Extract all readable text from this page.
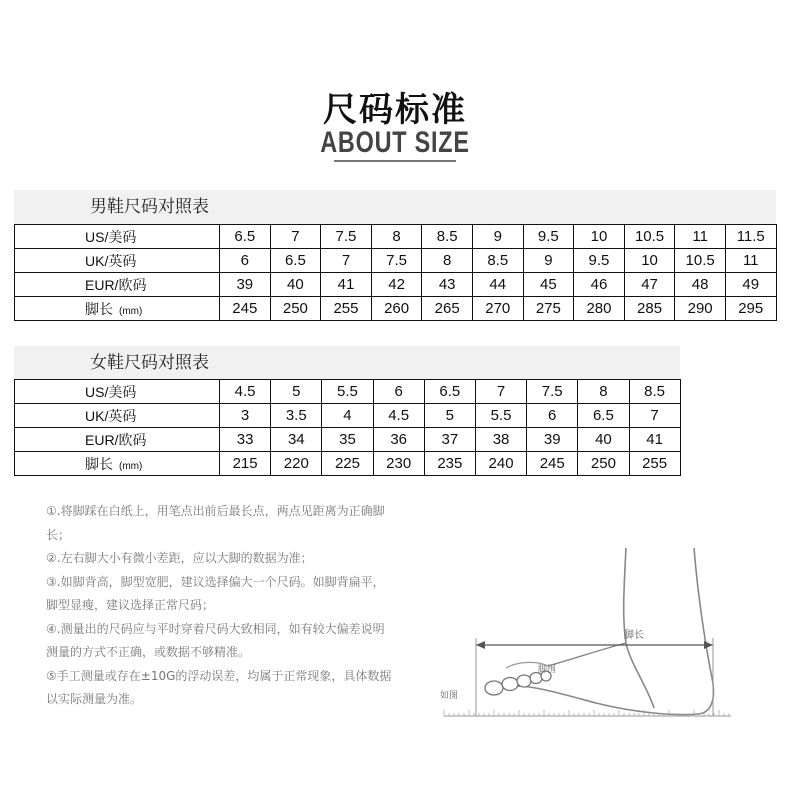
尺码标准
ABOUT SIZE
男鞋尺码对照表
US/美码	6.5	7	7.5	8	8.5	9	9.5	10	10.5	11	11.5
UK/英码	6	6.5	7	7.5	8	8.5	9	9.5	10	10.5	11
EUR/欧码	39	40	41	42	43	44	45	46	47	48	49
脚长 (mm)	245	250	255	260	265	270	275	280	285	290	295
女鞋尺码对照表
US/美码	4.5	5	5.5	6	6.5	7	7.5	8	8.5
UK/英码	3	3.5	4	4.5	5	5.5	6	6.5	7
EUR/欧码	33	34	35	36	37	38	39	40	41
脚长 (mm)	215	220	225	230	235	240	245	250	255

①.将脚踩在白纸上，用笔点出前后最长点，两点见距离为正确脚长；

②.左右脚大小有微小差距，应以大脚的数据为准；

③.如脚背高，脚型宽肥，建议选择偏大一个尺码。如脚背扁平，脚型显瘦，建议选择正常尺码；

④.测量出的尺码应与平时穿着尺码大致相同，如有较大偏差说明测量的方式不正确，或数据不够精准。

⑤手工测量或存在±10G的浮动误差，均属于正常现象，具体数据以实际测量为准。

脚长
脚围
如图
